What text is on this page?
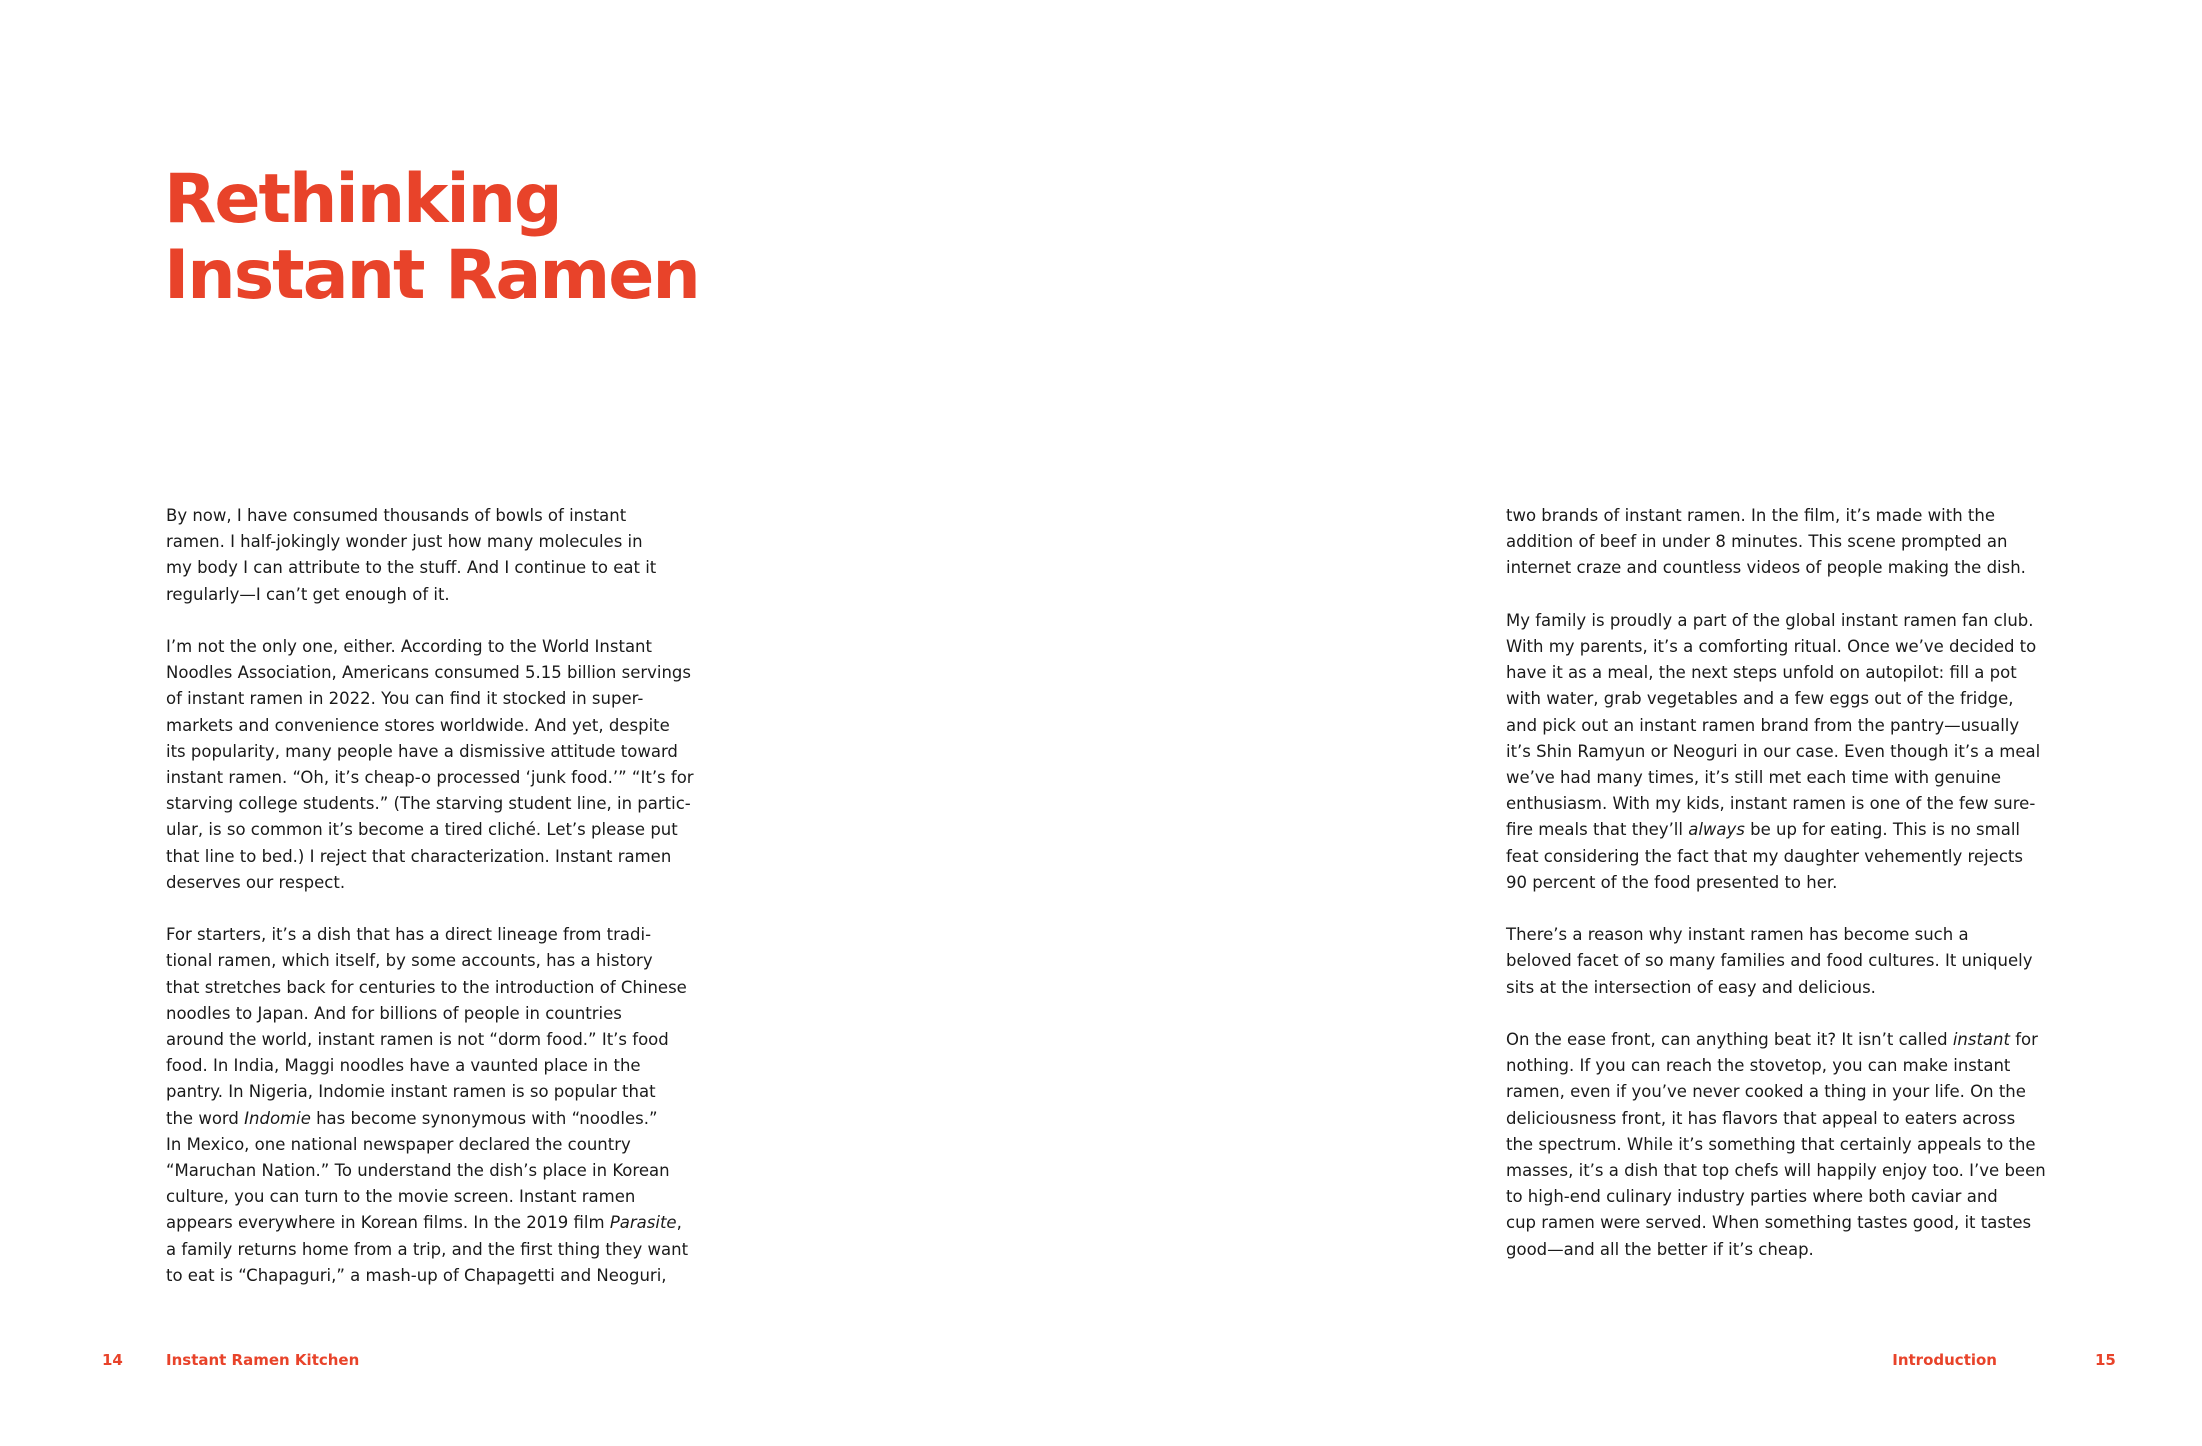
Rethinking
Instant Ramen

By now, I have consumed thousands of bowls of instant
ramen. I half-jokingly wonder just how many molecules in
my body I can attribute to the stuff. And I continue to eat it
regularly—I can’t get enough of it.

I’m not the only one, either. According to the World Instant
Noodles Association, Americans consumed 5.15 billion servings
of instant ramen in 2022. You can find it stocked in super-
markets and convenience stores worldwide. And yet, despite
its popularity, many people have a dismissive attitude toward
instant ramen. “Oh, it’s cheap-o processed ‘junk food.’” “It’s for
starving college students.” (The starving student line, in partic-
ular, is so common it’s become a tired cliché. Let’s please put
that line to bed.) I reject that characterization. Instant ramen
deserves our respect.

For starters, it’s a dish that has a direct lineage from tradi-
tional ramen, which itself, by some accounts, has a history
that stretches back for centuries to the introduction of Chinese
noodles to Japan. And for billions of people in countries
around the world, instant ramen is not “dorm food.” It’s food
food. In India, Maggi noodles have a vaunted place in the
pantry. In Nigeria, Indomie instant ramen is so popular that
the word Indomie has become synonymous with “noodles.”
In Mexico, one national newspaper declared the country
“Maruchan Nation.” To understand the dish’s place in Korean
culture, you can turn to the movie screen. Instant ramen
appears everywhere in Korean films. In the 2019 film Parasite,
a family returns home from a trip, and the first thing they want
to eat is “Chapaguri,” a mash-up of Chapagetti and Neoguri,

14	Instant Ramen Kitchen

two brands of instant ramen. In the film, it’s made with the
addition of beef in under 8 minutes. This scene prompted an
internet craze and countless videos of people making the dish.

My family is proudly a part of the global instant ramen fan club.
With my parents, it’s a comforting ritual. Once we’ve decided to
have it as a meal, the next steps unfold on autopilot: fill a pot
with water, grab vegetables and a few eggs out of the fridge,
and pick out an instant ramen brand from the pantry—usually
it’s Shin Ramyun or Neoguri in our case. Even though it’s a meal
we’ve had many times, it’s still met each time with genuine
enthusiasm. With my kids, instant ramen is one of the few sure-
fire meals that they’ll always be up for eating. This is no small
feat considering the fact that my daughter vehemently rejects
90 percent of the food presented to her.

There’s a reason why instant ramen has become such a
beloved facet of so many families and food cultures. It uniquely
sits at the intersection of easy and delicious.

On the ease front, can anything beat it? It isn’t called instant for
nothing. If you can reach the stovetop, you can make instant
ramen, even if you’ve never cooked a thing in your life. On the
deliciousness front, it has flavors that appeal to eaters across
the spectrum. While it’s something that certainly appeals to the
masses, it’s a dish that top chefs will happily enjoy too. I’ve been
to high-end culinary industry parties where both caviar and
cup ramen were served. When something tastes good, it tastes
good—and all the better if it’s cheap.

Introduction	15
